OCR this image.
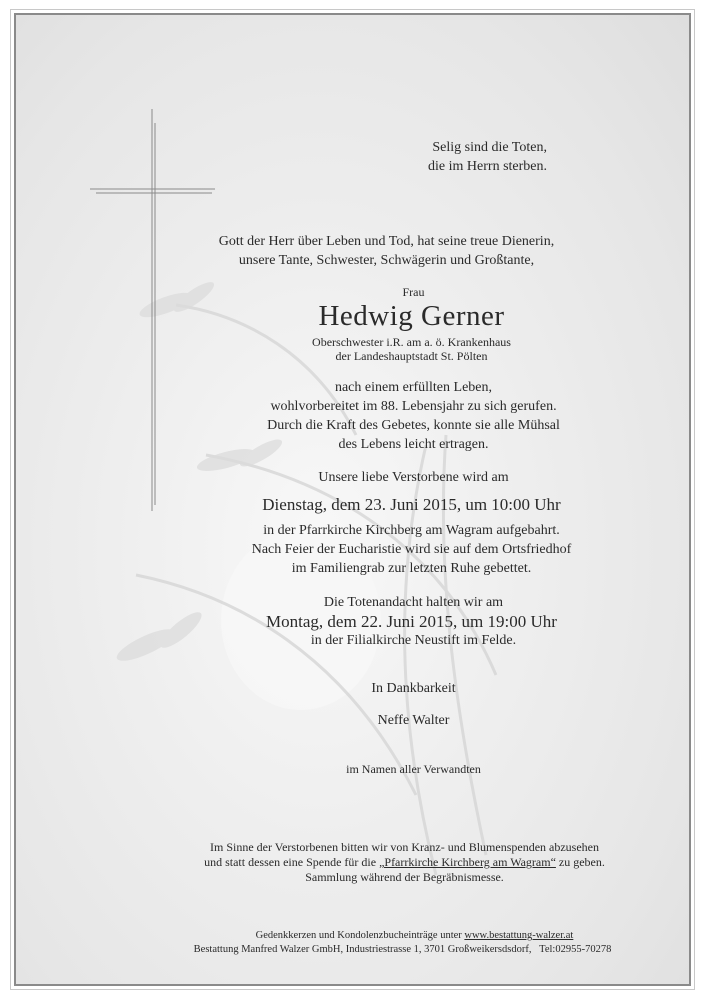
Selig sind die Toten,
die im Herrn sterben.
Gott der Herr über Leben und Tod, hat seine treue Dienerin,
unsere Tante, Schwester, Schwägerin und Großtante,
Frau
Hedwig Gerner
Oberschwester i.R. am a. ö. Krankenhaus
der Landeshauptstadt St. Pölten
nach einem erfüllten Leben,
wohlvorbereitet im 88. Lebensjahr zu sich gerufen.
Durch die Kraft des Gebetes, konnte sie alle Mühsal
des Lebens leicht ertragen.
Unsere liebe Verstorbene wird am
Dienstag, dem 23. Juni 2015, um 10:00 Uhr
in der Pfarrkirche Kirchberg am Wagram aufgebahrt.
Nach Feier der Eucharistie wird sie auf dem Ortsfriedhof
im Familiengrab zur letzten Ruhe gebettet.
Die Totenandacht halten wir am
Montag, dem 22. Juni 2015, um 19:00 Uhr
in der Filialkirche Neustift im Felde.
In Dankbarkeit
Neffe Walter
im Namen aller Verwandten
Im Sinne der Verstorbenen bitten wir von Kranz- und Blumenspenden abzusehen
und statt dessen eine Spende für die „Pfarrkirche Kirchberg am Wagram“ zu geben.
Sammlung während der Begräbnismesse.
Gedenkkerzen und Kondolenzbucheinträge unter www.bestattung-walzer.at
Bestattung Manfred Walzer GmbH, Industriestrasse 1, 3701 Großweikersdsdorf,   Tel:02955-70278
